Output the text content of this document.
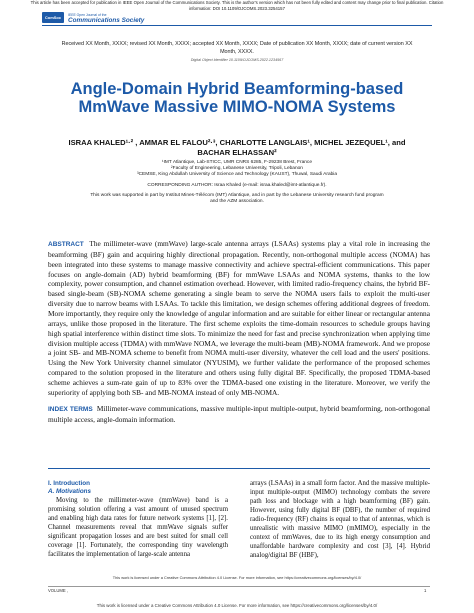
This article has been accepted for publication in IEEE Open Journal of the Communications Society. This is the author's version which has not been fully edited and content may change prior to final publication. Citation information: DOI 10.1109/OJCOMS.2023.3254157
ComSoc
IEEE Open Journal of the
Communications Society
Received XX Month, XXXX; revised XX Month, XXXX; accepted XX Month, XXXX; Date of publication XX Month, XXXX; date of current version XX Month, XXXX.
Digital Object Identifier 10.1109/OJCOMS.2022.1234567
Angle-Domain Hybrid Beamforming-based MmWave Massive MIMO-NOMA Systems
ISRAA KHALED¹·² , AMMAR EL FALOU²·³, CHARLOTTE LANGLAIS¹, MICHEL JEZEQUEL¹, and BACHAR ELHASSAN²
¹IMT Atlantique, Lab-STICC, UMR CNRS 6285, F-29238 Brest, France
²Faculty of Engineering, Lebanese University, Tripoli, Lebanon
³CEMSE, King Abdullah University of Science and Technology (KAUST), Thuwal, Saudi Arabia
CORRESPONDING AUTHOR: Israa Khaled (e-mail: israa.khaled@imt-atlantique.fr).
This work was supported in part by Institut Mines-Télécom (IMT) Atlantique, and in part by the Lebanese University research fund program and the AZM association.

ABSTRACT The millimeter-wave (mmWave) large-scale antenna arrays (LSAAs) systems play a vital role in increasing the beamforming (BF) gain and acquiring highly directional propagation. Recently, non-orthogonal multiple access (NOMA) has been integrated into these systems to manage massive connectivity and achieve spectral-efficient communications. This paper focuses on angle-domain (AD) hybrid beamforming (BF) for mmWave LSAAs and NOMA systems, thanks to the low complexity, power consumption, and channel estimation overhead. However, with limited radio-frequency chains, the hybrid BF-based single-beam (SB)-NOMA scheme generating a single beam to serve the NOMA users fails to exploit the multi-user diversity due to narrow beams with LSAAs. To tackle this limitation, we design schemes offering additional degrees of freedom. More importantly, they require only the knowledge of angular information and are suitable for either linear or rectangular antenna arrays, unlike those proposed in the literature. The first scheme exploits the time-domain resources to schedule groups having high spatial interference within distinct time slots. To minimize the need for fast and precise synchronization when applying time division multiple access (TDMA) with mmWave NOMA, we leverage the multi-beam (MB)-NOMA framework. And we propose a joint SB- and MB-NOMA scheme to benefit from NOMA multi-user diversity, whatever the cell load and the users' positions. Using the New York University channel simulator (NYUSIM), we further validate the performance of the proposed schemes compared to the solution proposed in the literature and others using fully digital BF. Specifically, the proposed TDMA-based scheme achieves a sum-rate gain of up to 83% over the TDMA-based one existing in the literature. Moreover, we verify the superiority of applying both SB- and MB-NOMA instead of only MB-NOMA.

INDEX TERMS Millimeter-wave communications, massive multiple-input multiple-output, hybrid beamforming, non-orthogonal multiple access, angle-domain information.

I. Introduction
A. Motivations

Moving to the millimeter-wave (mmWave) band is a promising solution offering a vast amount of unused spectrum and enabling high data rates for future network systems [1], [2]. Channel measurements reveal that mmWave signals suffer significant propagation losses and are best suited for small cell coverage [1]. Fortunately, the corresponding tiny wavelength facilitates the implementation of large-scale antenna

arrays (LSAAs) in a small form factor. And the massive multiple-input multiple-output (MIMO) technology combats the severe path loss and blockage with a high beamforming (BF) gain. However, using fully digital BF (DBF), the number of required radio-frequency (RF) chains is equal to that of antennas, which is unrealistic with massive MIMO (mMIMO), especially in the context of mmWaves, due to its high energy consumption and unaffordable hardware complexity and cost [3], [4]. Hybrid analog/digital BF (HBF),

This work is licensed under a Creative Commons Attribution 4.0 License. For more information, see https://creativecommons.org/licenses/by/4.0/
VOLUME ,	1
This work is licensed under a Creative Commons Attribution 4.0 License. For more information, see https://creativecommons.org/licenses/by/4.0/
